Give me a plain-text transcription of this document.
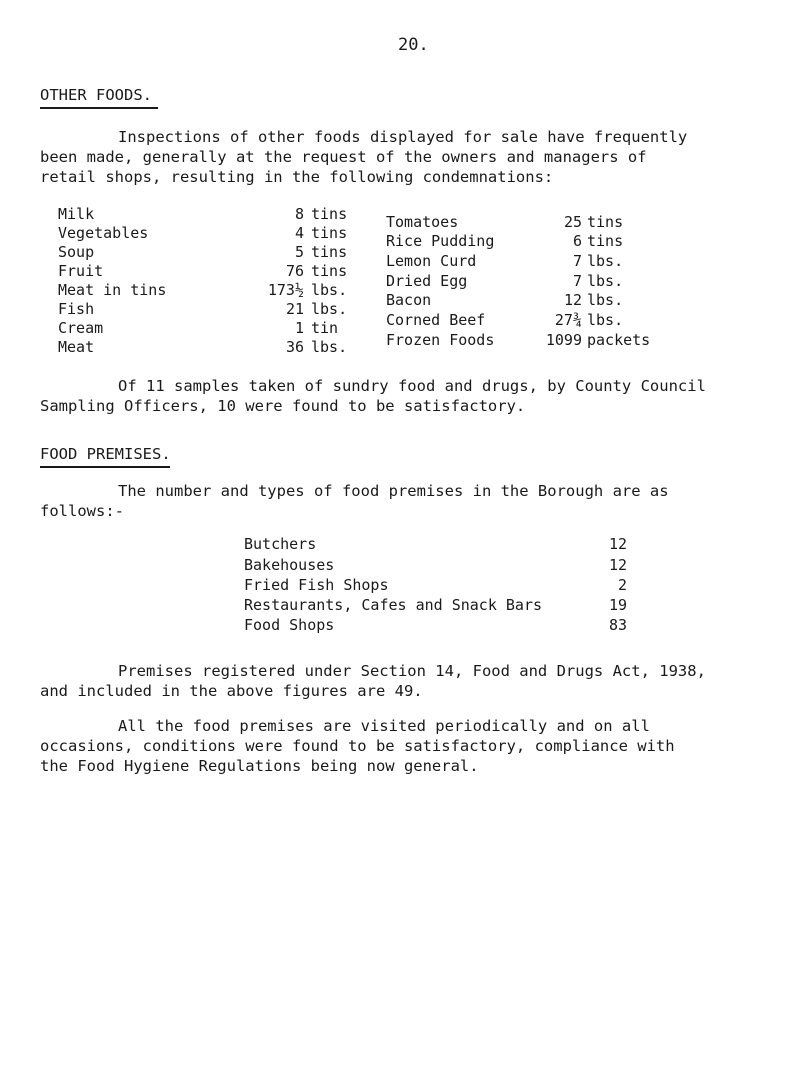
20.
OTHER FOODS.
Inspections of other foods displayed for sale have frequently
been made, generally at the request of the owners and managers of
retail shops, resulting in the following condemnations:
Milk	8 tins
Vegetables	4 tins
Soup	5 tins
Fruit	76 tins
Meat in tins	173½ lbs.
Fish	21 lbs.
Cream	1 tin
Meat	36 lbs.
Tomatoes	25 tins
Rice Pudding	6 tins
Lemon Curd	7 lbs.
Dried Egg	7 lbs.
Bacon	12 lbs.
Corned Beef	27¾ lbs.
Frozen Foods	1099 packets
Of 11 samples taken of sundry food and drugs, by County Council
Sampling Officers, 10 were found to be satisfactory.
FOOD PREMISES.
The number and types of food premises in the Borough are as
follows:-
Butchers	12
Bakehouses	12
Fried Fish Shops	2
Restaurants, Cafes and Snack Bars	19
Food Shops	83
Premises registered under Section 14, Food and Drugs Act, 1938,
and included in the above figures are 49.
All the food premises are visited periodically and on all
occasions, conditions were found to be satisfactory, compliance with
the Food Hygiene Regulations being now general.
